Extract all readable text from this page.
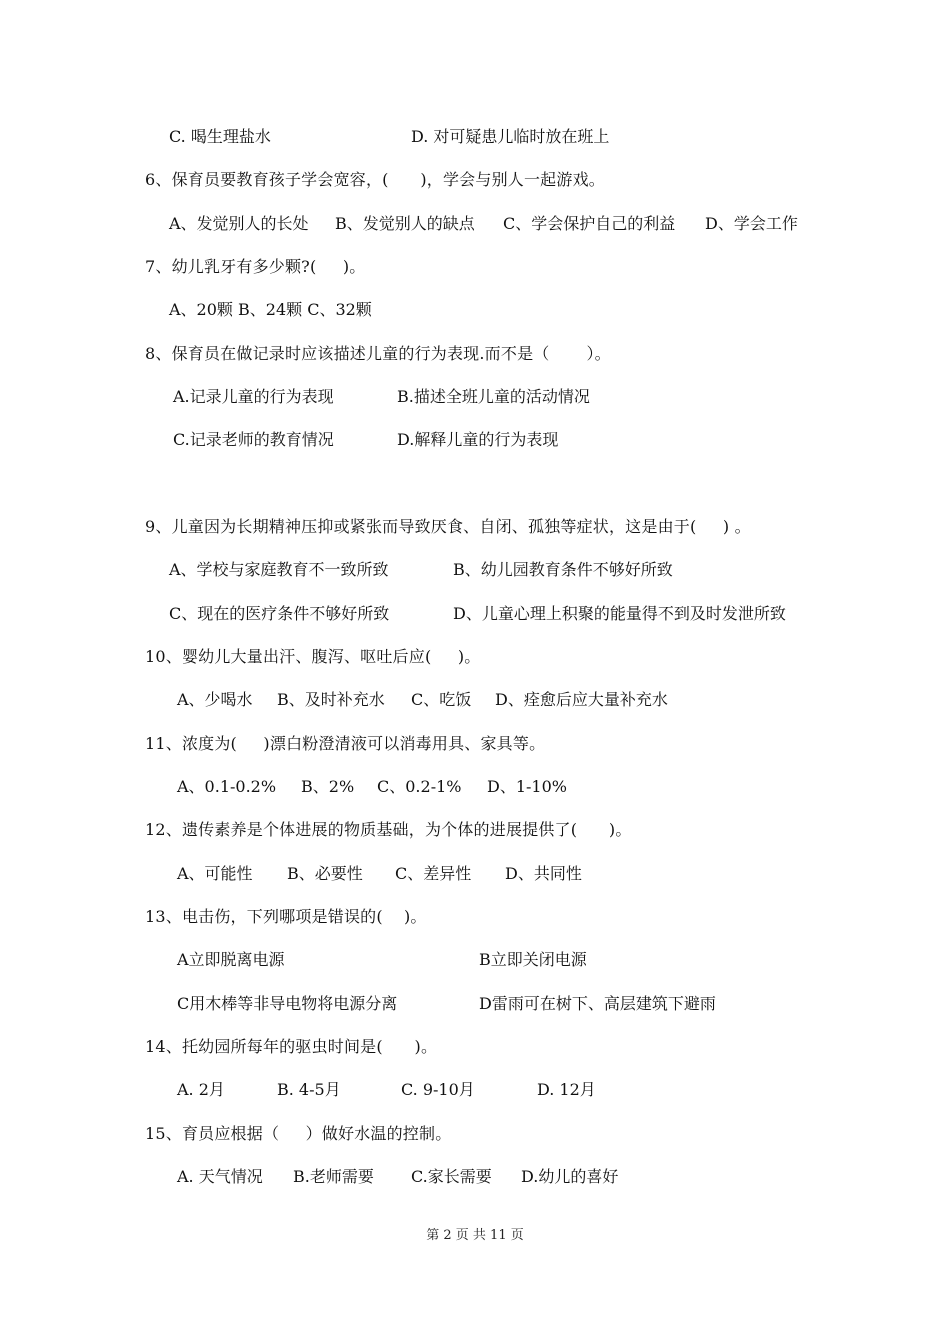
C. 喝生理盐水	D. 对可疑患儿临时放在班上
6、保育员要教育孩子学会宽容，(      )，学会与别人一起游戏。
A、发觉别人的长处 B、发觉别人的缺点 C、学会保护自己的利益 D、学会工作
7、幼儿乳牙有多少颗?(     )。
A、20颗 B、24颗 C、32颗
8、保育员在做记录时应该描述儿童的行为表现.而不是（       ）。
A.记录儿童的行为表现	B.描述全班儿童的活动情况
C.记录老师的教育情况	D.解释儿童的行为表现
9、儿童因为长期精神压抑或紧张而导致厌食、自闭、孤独等症状，这是由于(     ) 。
A、学校与家庭教育不一致所致	B、幼儿园教育条件不够好所致
C、现在的医疗条件不够好所致	D、儿童心理上积聚的能量得不到及时发泄所致
10、婴幼儿大量出汗、腹泻、呕吐后应(     )。
A、少喝水 B、及时补充水 C、吃饭 D、痊愈后应大量补充水
11、浓度为(     )漂白粉澄清液可以消毒用具、家具等。
A、0.1-0.2% B、2% C、0.2-1% D、1-10%
12、遗传素养是个体进展的物质基础，为个体的进展提供了(      )。
A、可能性 B、必要性 C、差异性 D、共同性
13、电击伤，下列哪项是错误的(    )。
A立即脱离电源	B立即关闭电源
C用木棒等非导电物将电源分离	D雷雨可在树下、高层建筑下避雨
14、托幼园所每年的驱虫时间是(      )。
A. 2月	B. 4-5月	C. 9-10月	D. 12月
15、育员应根据（     ）做好水温的控制。
A. 天气情况 B.老师需要 C.家长需要 D.幼儿的喜好
第 2 页 共 11 页
